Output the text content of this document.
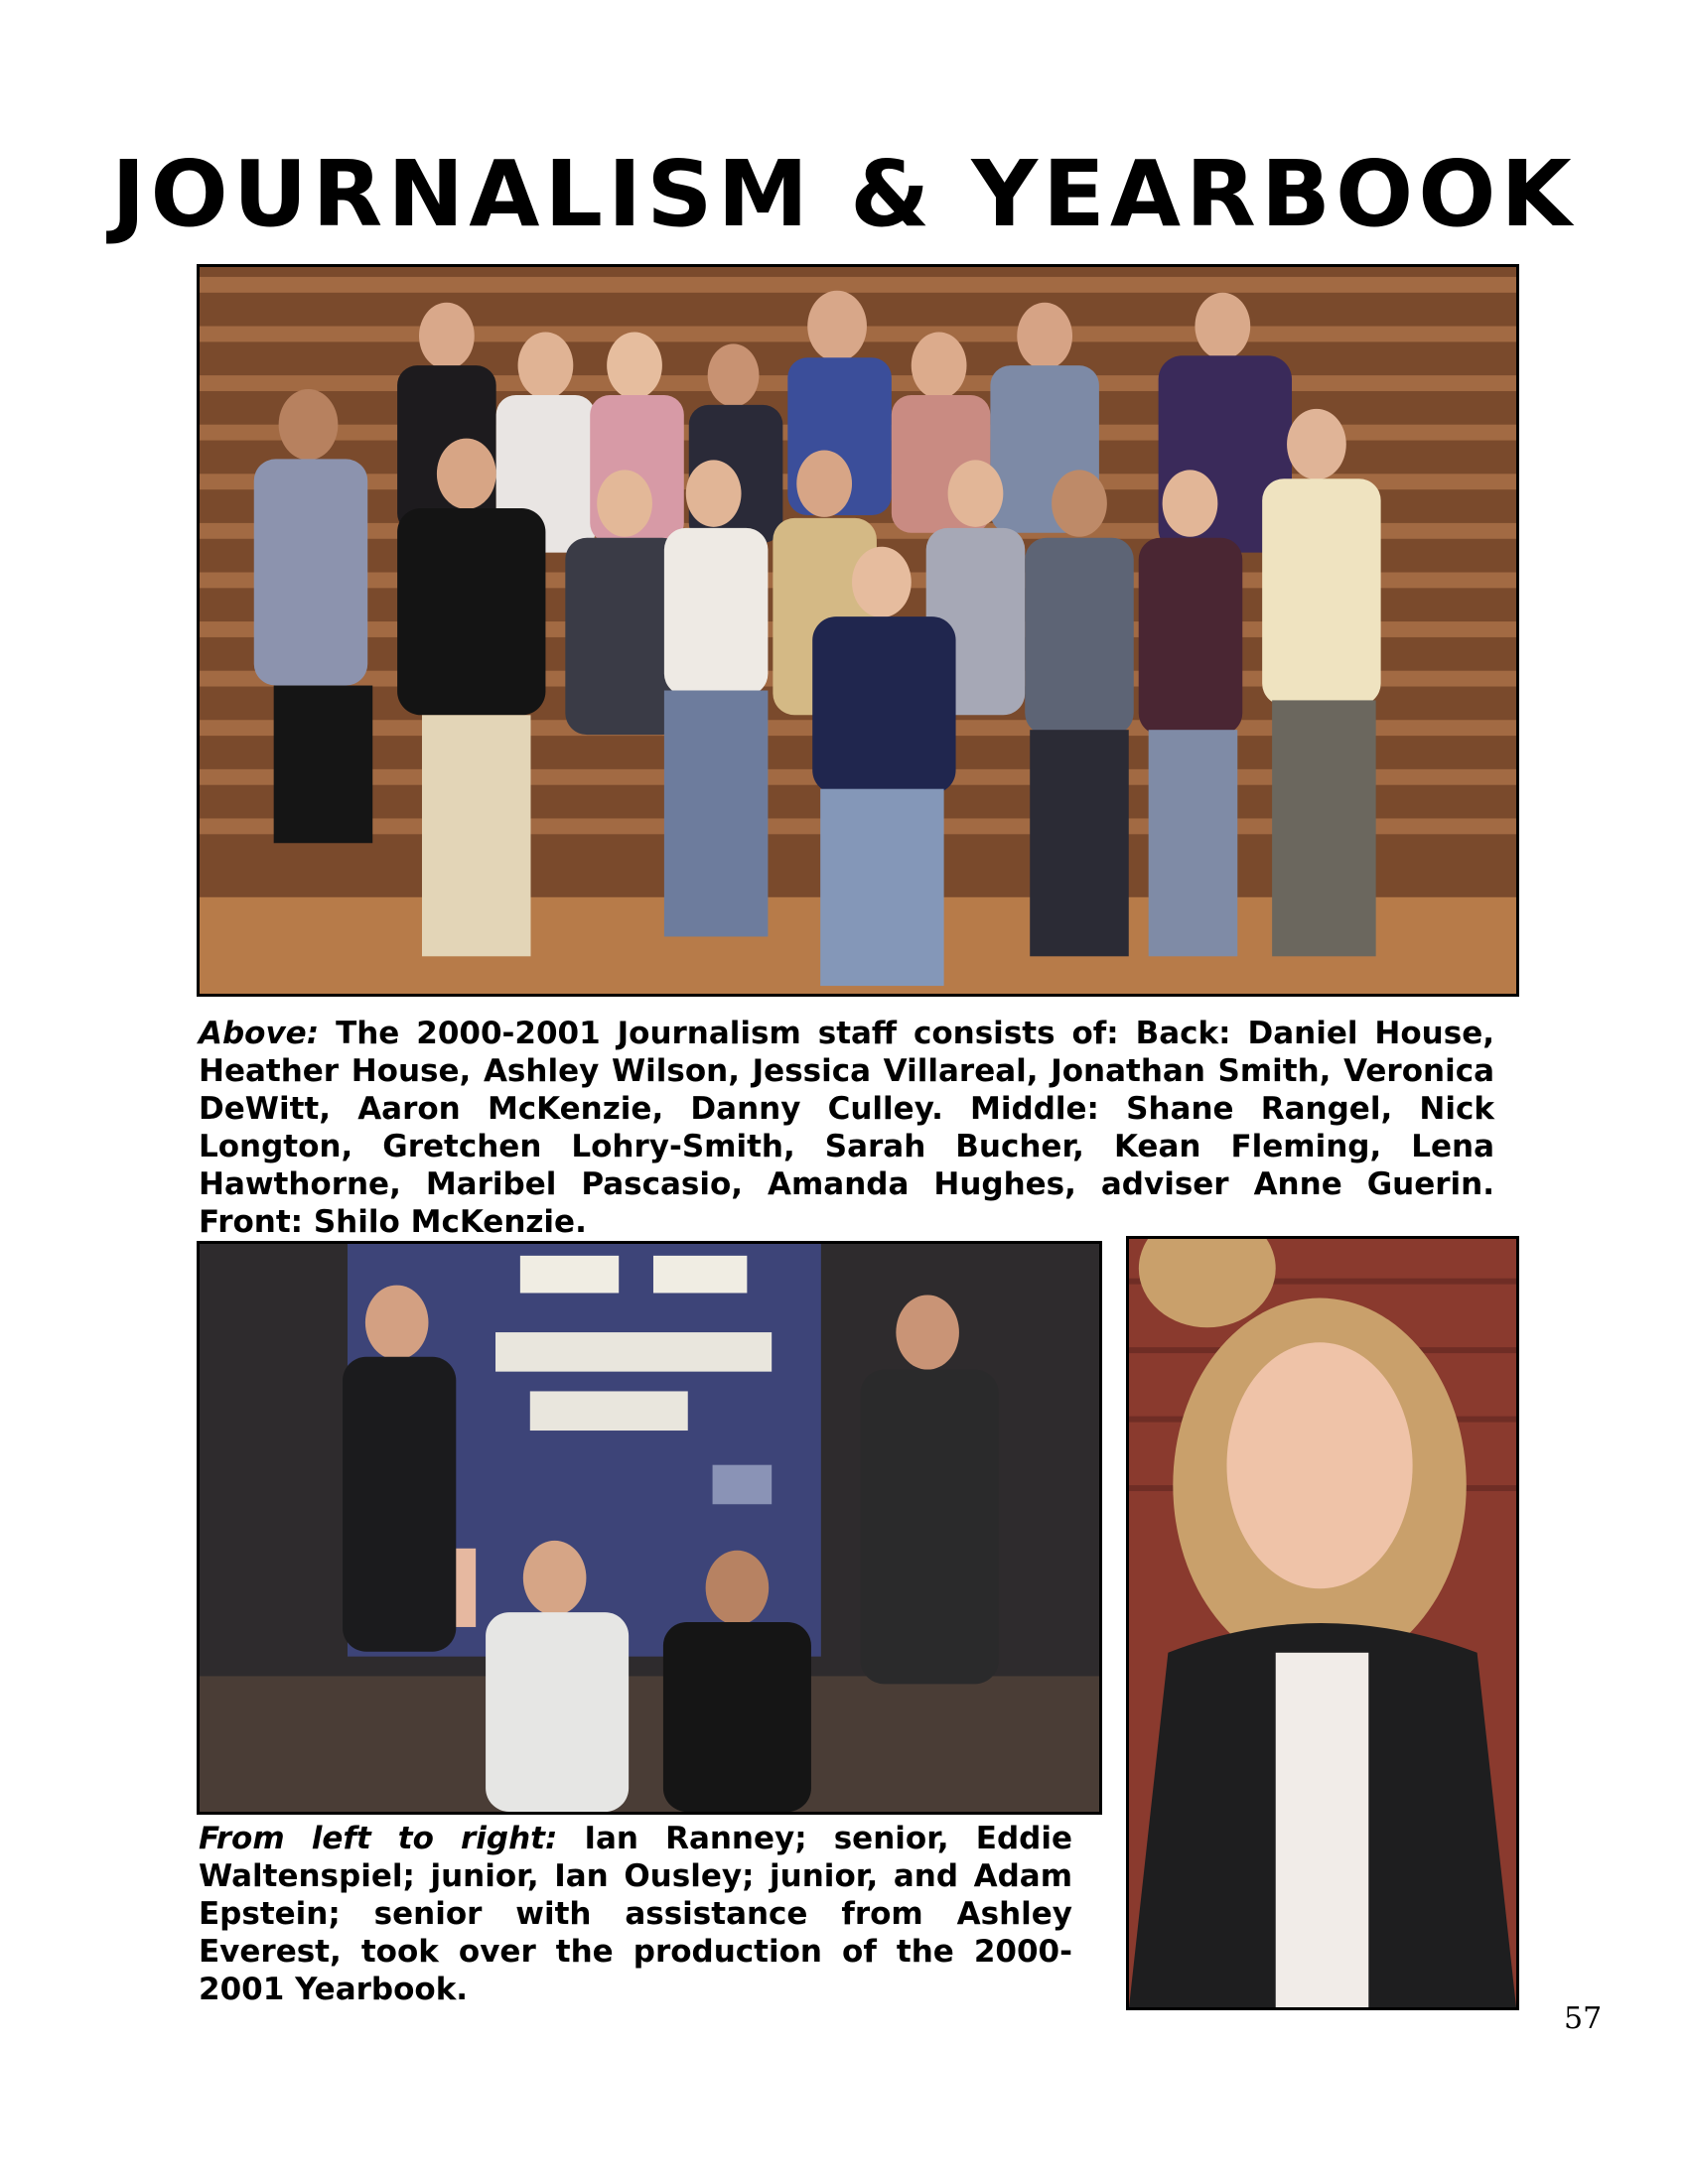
JOURNALISM & YEARBOOK

Above: The 2000-2001 Journalism staff consists of: Back: Daniel House, Heather House, Ashley Wilson, Jessica Villareal, Jonathan Smith, Veronica DeWitt, Aaron McKenzie, Danny Culley. Middle: Shane Rangel, Nick Longton, Gretchen Lohry-Smith, Sarah Bucher, Kean Fleming, Lena Hawthorne, Maribel Pascasio, Amanda Hughes, adviser Anne Guerin. Front: Shilo McKenzie.

From left to right: Ian Ranney; senior, Eddie Waltenspiel; junior, Ian Ousley; junior, and Adam Epstein; senior with assistance from Ashley Everest, took over the production of the 2000-2001 Yearbook.

57
